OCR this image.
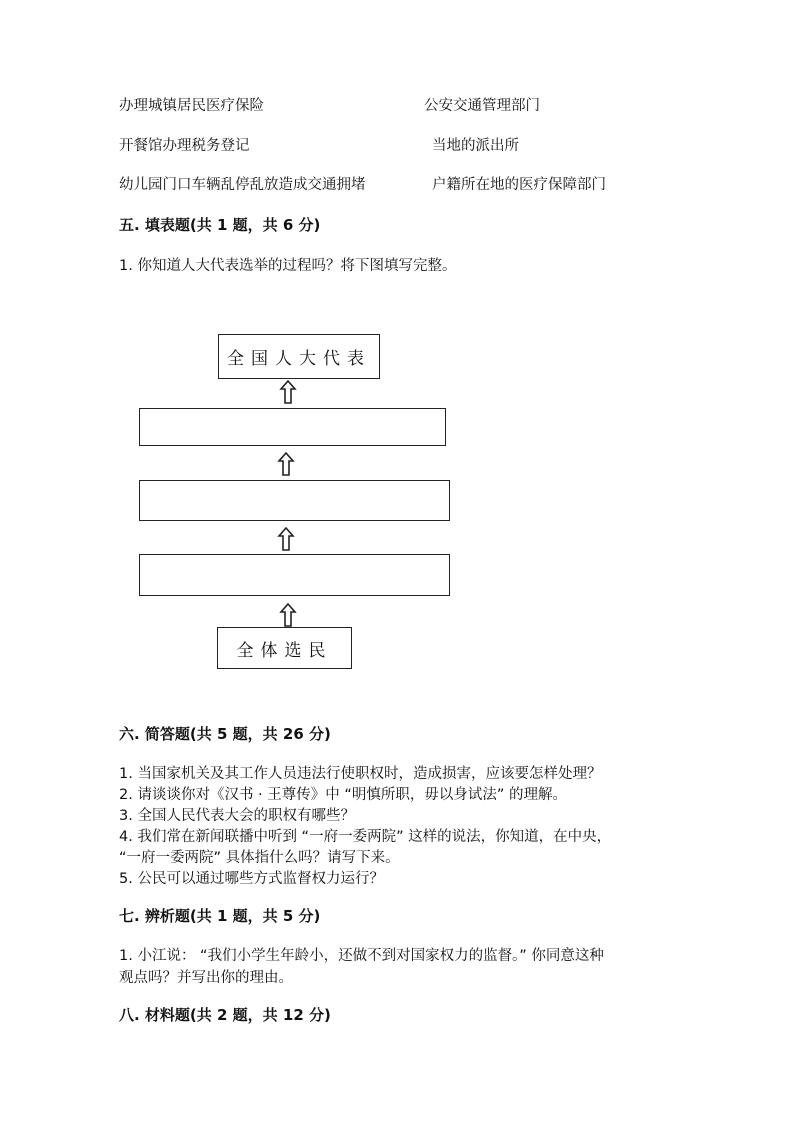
办理城镇居民医疗保险
开餐馆办理税务登记
幼儿园门口车辆乱停乱放造成交通拥堵
公安交通管理部门
当地的派出所
户籍所在地的医疗保障部门
五. 填表题(共 1 题，共 6 分)
1. 你知道人大代表选举的过程吗？将下图填写完整。
全国人大代表
全体选民
六. 简答题(共 5 题，共 26 分)
1. 当国家机关及其工作人员违法行使职权时，造成损害，应该要怎样处理？
2. 请谈谈你对《汉书 · 王尊传》中 “明慎所职，毋以身试法” 的理解。
3. 全国人民代表大会的职权有哪些？
4. 我们常在新闻联播中听到 “一府一委两院” 这样的说法，你知道，在中央，
“一府一委两院” 具体指什么吗？请写下来。
5. 公民可以通过哪些方式监督权力运行？
七. 辨析题(共 1 题，共 5 分)
1. 小江说： “我们小学生年龄小，还做不到对国家权力的监督。” 你同意这种
观点吗？并写出你的理由。
八. 材料题(共 2 题，共 12 分)
